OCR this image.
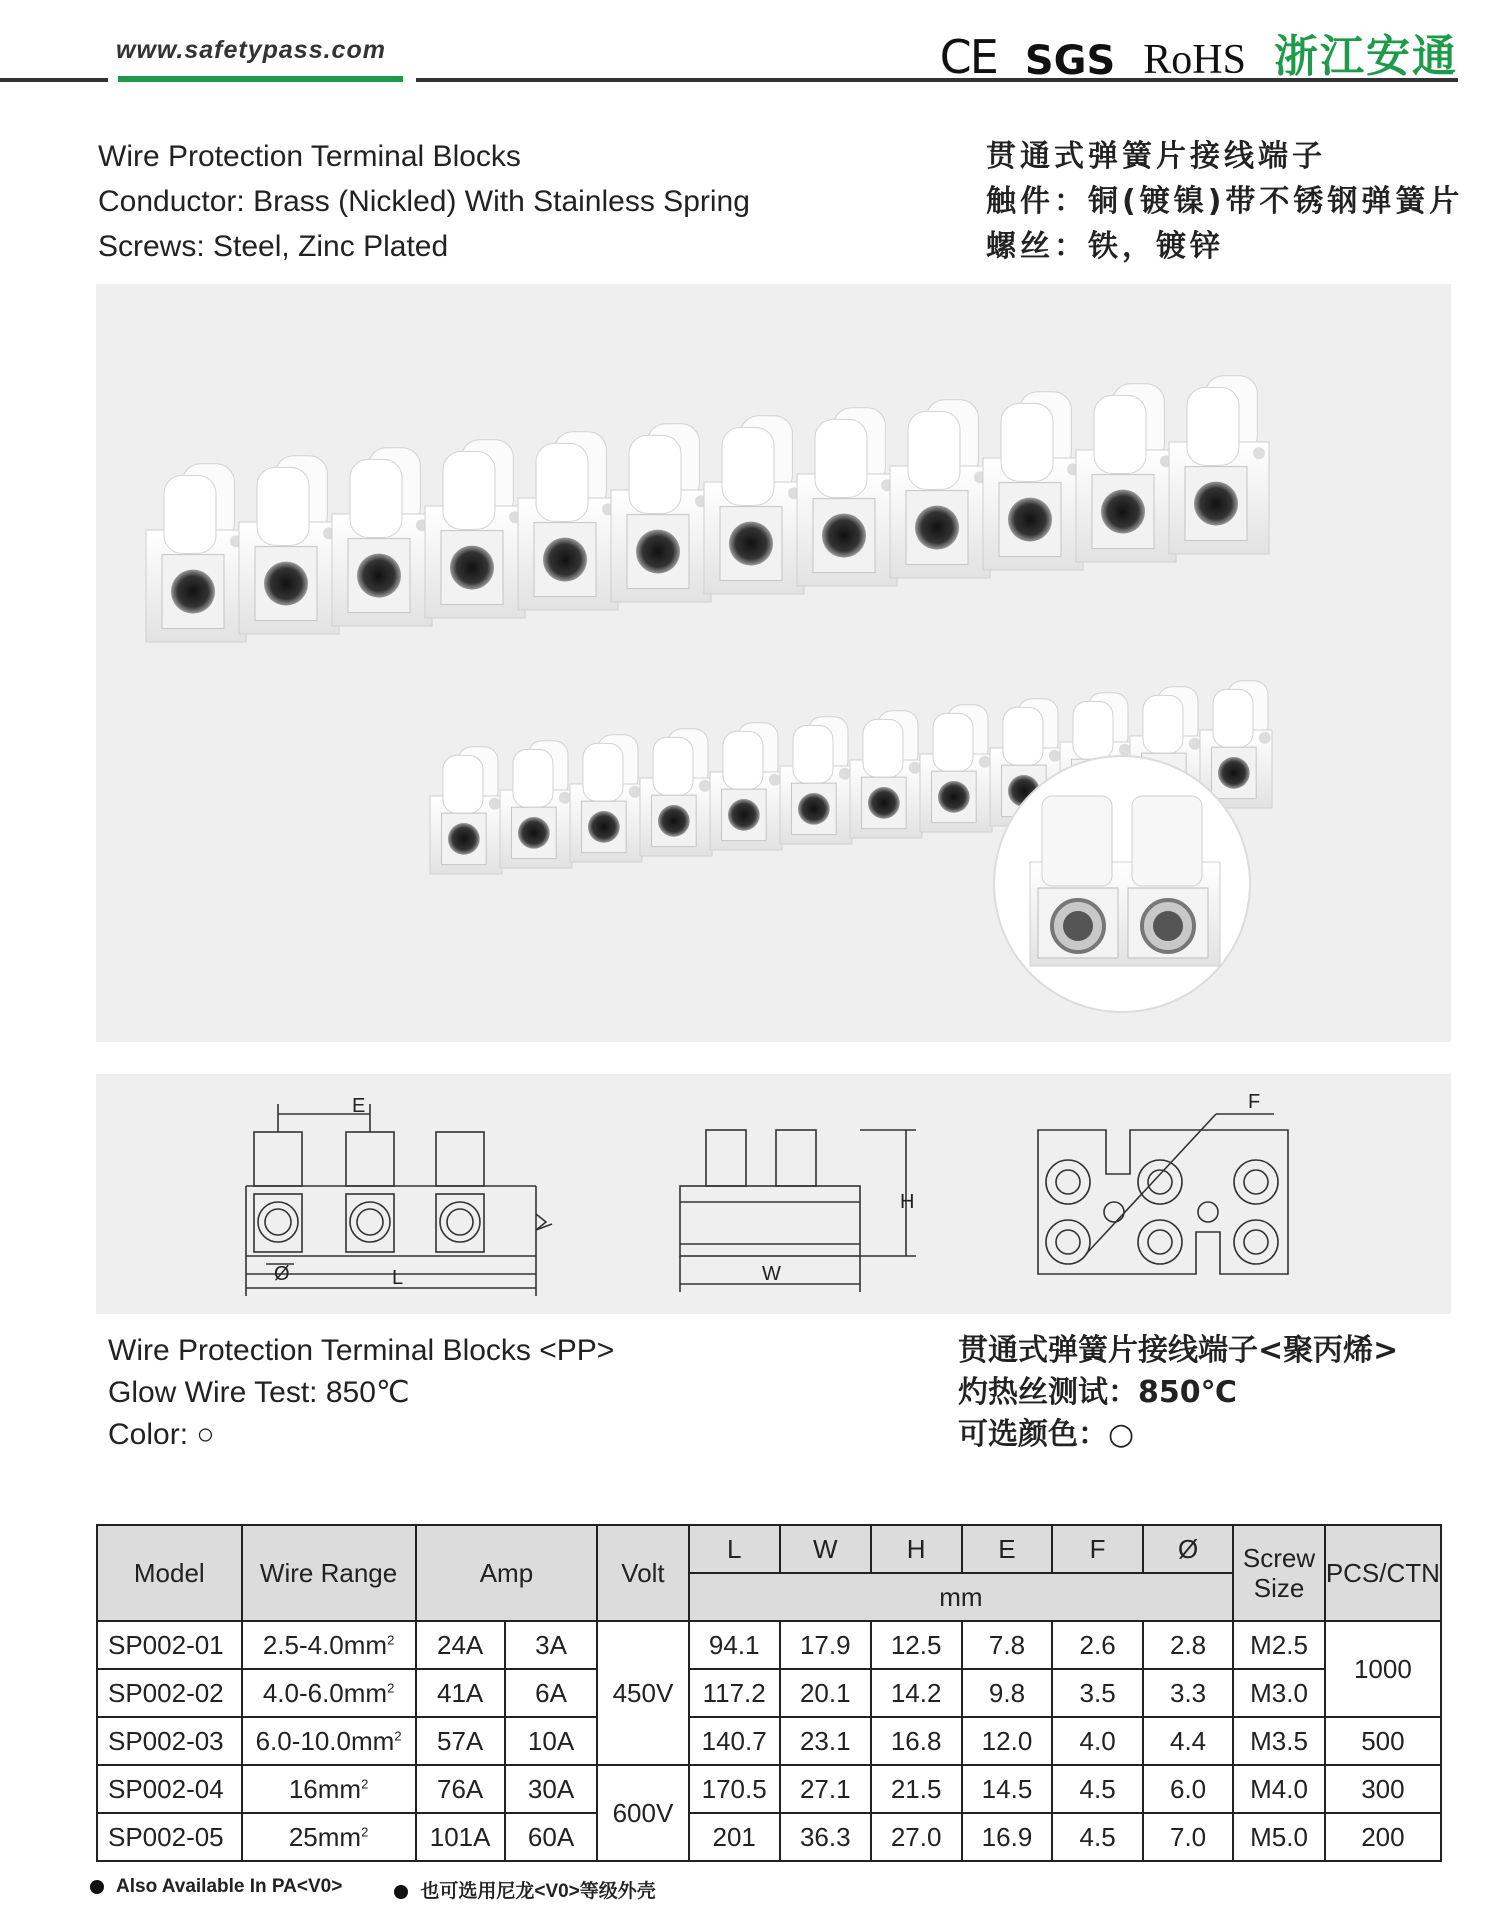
www.safetypass.com	CE SGS RoHS 浙江安通
Wire Protection Terminal Blocks
Conductor: Brass (Nickled) With Stainless Spring
Screws: Steel, Zinc Plated
贯通式弹簧片接线端子
触件：铜(镀镍)带不锈钢弹簧片
螺丝：铁，镀锌
E
L
Ø
H
W
F
Wire Protection Terminal Blocks <PP>
Glow Wire Test: 850℃
Color: ○
贯通式弹簧片接线端子<聚丙烯>
灼热丝测试：850℃
可选颜色：○
Model	Wire Range	Amp		Volt	L	W	H	E	F	Ø	Screw
Size	PCS/CTN
					mm							
SP002-01	$2.5-4.0mm^2$	24A	3A	450V	94.1	17.9	12.5	7.8	2.6	2.8	M2.5	1000
SP002-02	$4.0-6.0mm^2$	41A	6A		117.2	20.1	14.2	9.8	3.5	3.3	M3.0	
SP002-03	$6.0-10.0mm^2$	57A	10A		140.7	23.1	16.8	12.0	4.0	4.4	M3.5	500
SP002-04	$16mm^2$	76A	30A	600V	170.5	27.1	21.5	14.5	4.5	6.0	M4.0	300
SP002-05	$25mm^2$	101A	60A		201	36.3	27.0	16.9	4.5	7.0	M5.0	200
Also Available In PA<V0>	也可选用尼龙<V0>等级外壳
